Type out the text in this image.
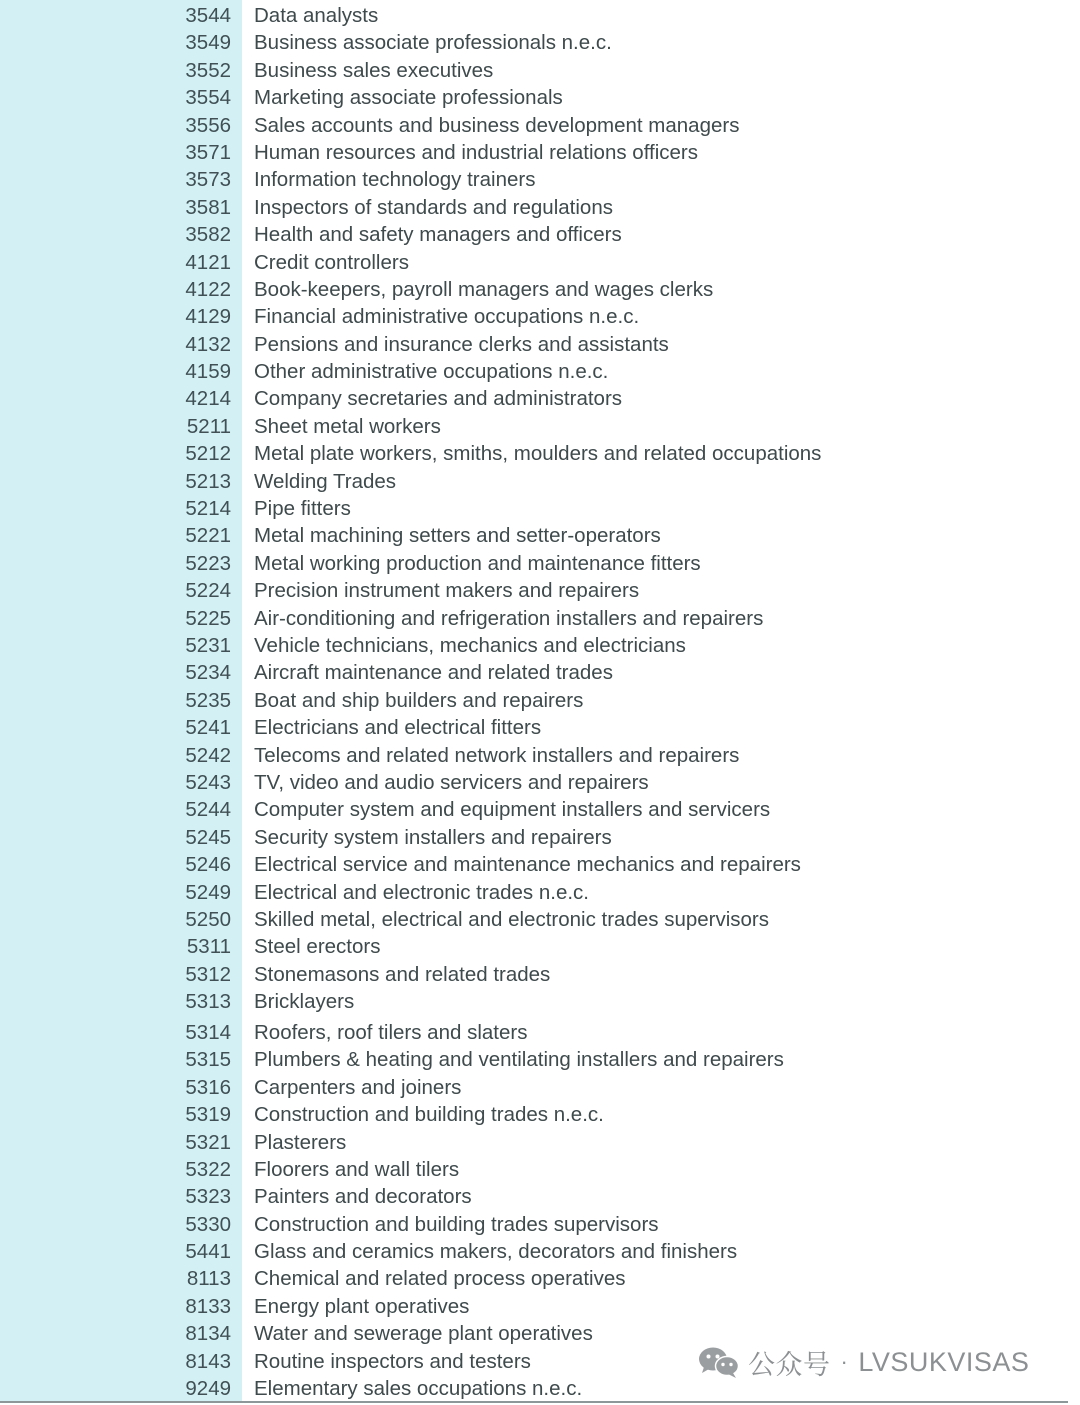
3544 Data analysts
3549 Business associate professionals n.e.c.
3552 Business sales executives
3554 Marketing associate professionals
3556 Sales accounts and business development managers
3571 Human resources and industrial relations officers
3573 Information technology trainers
3581 Inspectors of standards and regulations
3582 Health and safety managers and officers
4121 Credit controllers
4122 Book-keepers, payroll managers and wages clerks
4129 Financial administrative occupations n.e.c.
4132 Pensions and insurance clerks and assistants
4159 Other administrative occupations n.e.c.
4214 Company secretaries and administrators
5211 Sheet metal workers
5212 Metal plate workers, smiths, moulders and related occupations
5213 Welding Trades
5214 Pipe fitters
5221 Metal machining setters and setter-operators
5223 Metal working production and maintenance fitters
5224 Precision instrument makers and repairers
5225 Air-conditioning and refrigeration installers and repairers
5231 Vehicle technicians, mechanics and electricians
5234 Aircraft maintenance and related trades
5235 Boat and ship builders and repairers
5241 Electricians and electrical fitters
5242 Telecoms and related network installers and repairers
5243 TV, video and audio servicers and repairers
5244 Computer system and equipment installers and servicers
5245 Security system installers and repairers
5246 Electrical service and maintenance mechanics and repairers
5249 Electrical and electronic trades n.e.c.
5250 Skilled metal, electrical and electronic trades supervisors
5311 Steel erectors
5312 Stonemasons and related trades
5313 Bricklayers
5314 Roofers, roof tilers and slaters
5315 Plumbers & heating and ventilating installers and repairers
5316 Carpenters and joiners
5319 Construction and building trades n.e.c.
5321 Plasterers
5322 Floorers and wall tilers
5323 Painters and decorators
5330 Construction and building trades supervisors
5441 Glass and ceramics makers, decorators and finishers
8113 Chemical and related process operatives
8133 Energy plant operatives
8134 Water and sewerage plant operatives
8143 Routine inspectors and testers
9249 Elementary sales occupations n.e.c.
公众号 · LVSUKVISAS
